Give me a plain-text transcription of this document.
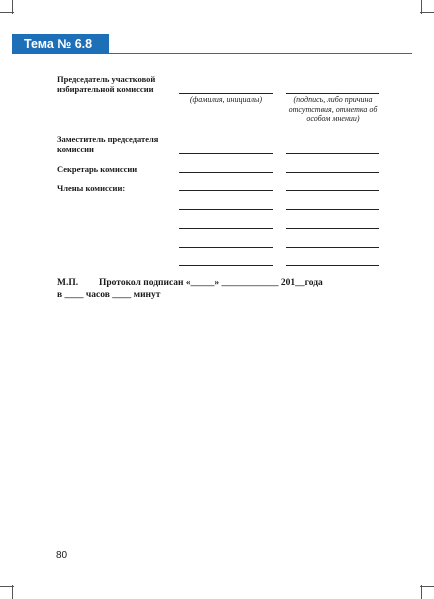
Тема № 6.8
Председатель участковой избирательной комиссии
(фамилия, инициалы)	(подпись, либо причина отсутствия, отметка об особом мнении)
Заместитель председателя комиссии
Секретарь комиссии
Члены комиссии:
М.П. Протокол подписан «_____» ____________ 201__года
в ____ часов ____ минут
80
